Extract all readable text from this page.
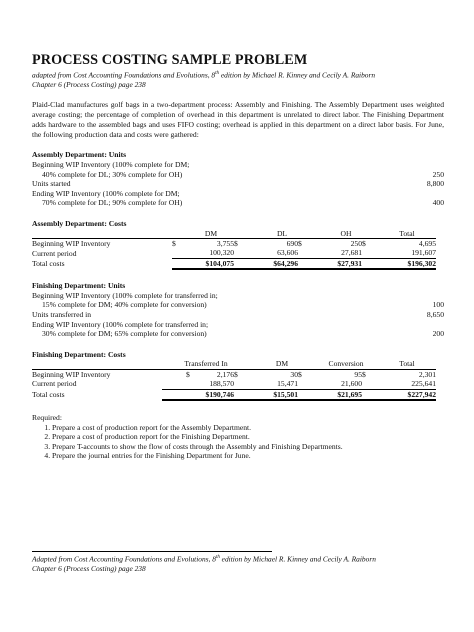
PROCESS COSTING SAMPLE PROBLEM
adapted from Cost Accounting Foundations and Evolutions, 8th edition by Michael R. Kinney and Cecily A. Raiborn
Chapter 6 (Process Costing) page 238

Plaid-Clad manufactures golf bags in a two-department process: Assembly and Finishing. The Assembly Department uses weighted average costing; the percentage of completion of overhead in this department is unrelated to direct labor. The Finishing Department adds hardware to the assembled bags and uses FIFO costing; overhead is applied in this department on a direct labor basis. For June, the following production data and costs were gathered:

Assembly Department: Units
Beginning WIP Inventory (100% complete for DM;
40% complete for DL; 30% complete for OH)	250
Units started	8,800
Ending WIP Inventory (100% complete for DM;
70% complete for DL; 90% complete for OH)	400
Assembly Department: Costs
	DM		DL		OH		Total
Beginning WIP Inventory	$ 3,755	$ 690		$ 250		$ 4,695	
Current period	100,320	63,606		27,681		191,607	
Total costs	$104,075	$64,296		$27,931		$196,302	
Finishing Department: Units
Beginning WIP Inventory (100% complete for transferred in;
15% complete for DM; 40% complete for conversion)	100
Units transferred in	8,650
Ending WIP Inventory (100% complete for transferred in;
30% complete for DM; 65% complete for conversion)	200
Finishing Department: Costs
	Transferred In		DM		Conversion		Total
Beginning WIP Inventory	$ 2,176	$ 30		$ 95		$ 2,301	
Current period	188,570	15,471		21,600		225,641	
Total costs	$190,746	$15,501		$21,695		$227,942	
Required:
1. Prepare a cost of production report for the Assembly Department.
2. Prepare a cost of production report for the Finishing Department.
3. Prepare T-accounts to show the flow of costs through the Assembly and Finishing Departments.
4. Prepare the journal entries for the Finishing Department for June.
Adapted from Cost Accounting Foundations and Evolutions, 8th edition by Michael R. Kinney and Cecily A. Raiborn
Chapter 6 (Process Costing) page 238
